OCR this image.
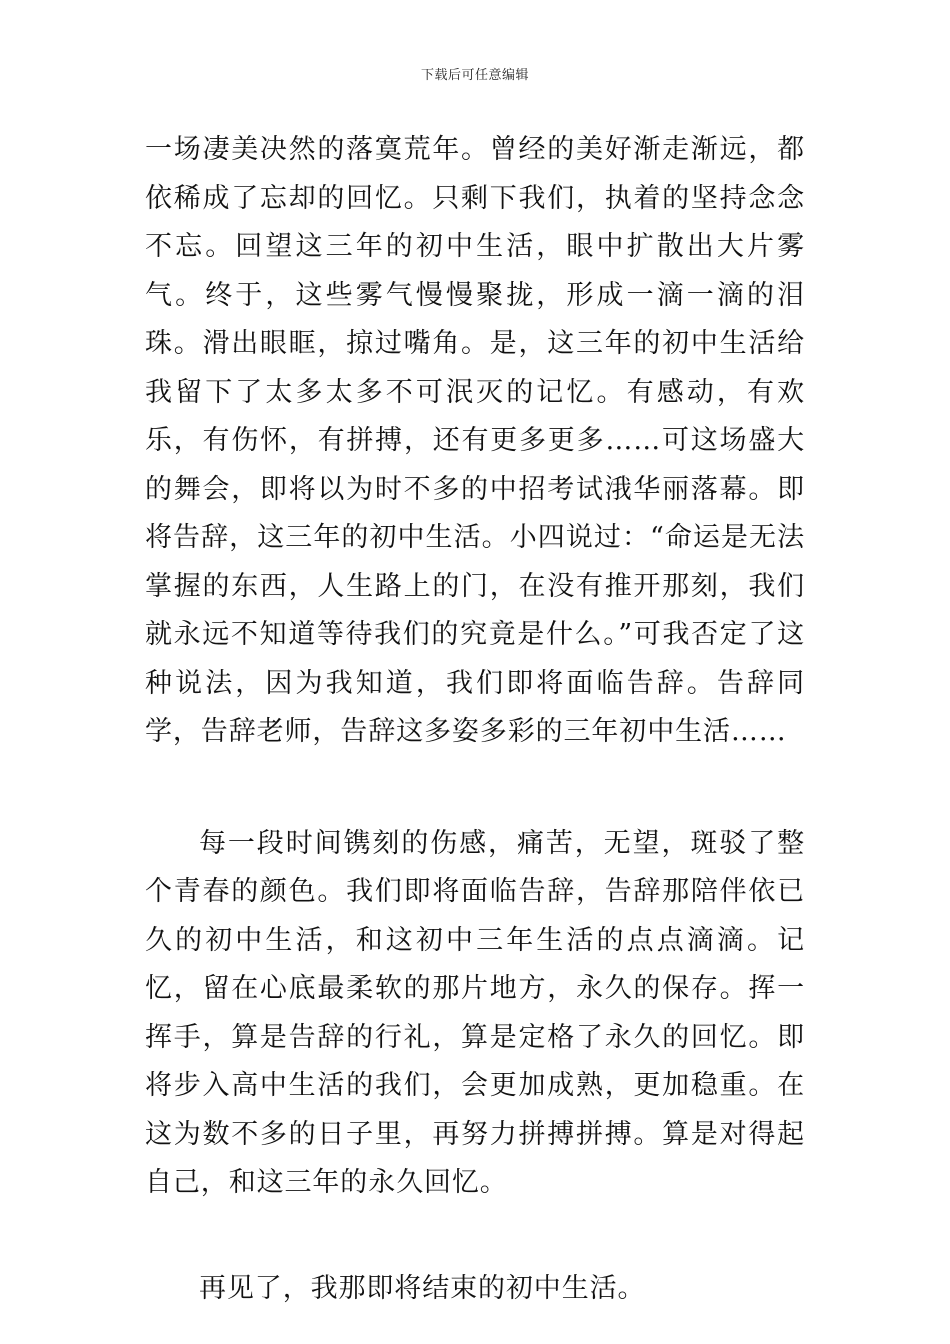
下载后可任意编辑

一场凄美决然的落寞荒年。曾经的美好渐走渐远，都依稀成了忘却的回忆。只剩下我们，执着的坚持念念不忘。回望这三年的初中生活，眼中扩散出大片雾气。终于，这些雾气慢慢聚拢，形成一滴一滴的泪珠。滑出眼眶，掠过嘴角。是，这三年的初中生活给我留下了太多太多不可泯灭的记忆。有感动，有欢乐，有伤怀，有拼搏，还有更多更多……可这场盛大的舞会，即将以为时不多的中招考试涐华丽落幕。即将告辞，这三年的初中生活。小四说过：“命运是无法掌握的东西，人生路上的门，在没有推开那刻，我们就永远不知道等待我们的究竟是什么。”可我否定了这种说法，因为我知道，我们即将面临告辞。告辞同学，告辞老师，告辞这多姿多彩的三年初中生活……

每一段时间镌刻的伤感，痛苦，无望，斑驳了整个青春的颜色。我们即将面临告辞，告辞那陪伴依已久的初中生活，和这初中三年生活的点点滴滴。记忆，留在心底最柔软的那片地方，永久的保存。挥一挥手，算是告辞的行礼，算是定格了永久的回忆。即将步入高中生活的我们，会更加成熟，更加稳重。在这为数不多的日子里，再努力拼搏拼搏。算是对得起自己，和这三年的永久回忆。

再见了，我那即将结束的初中生活。
